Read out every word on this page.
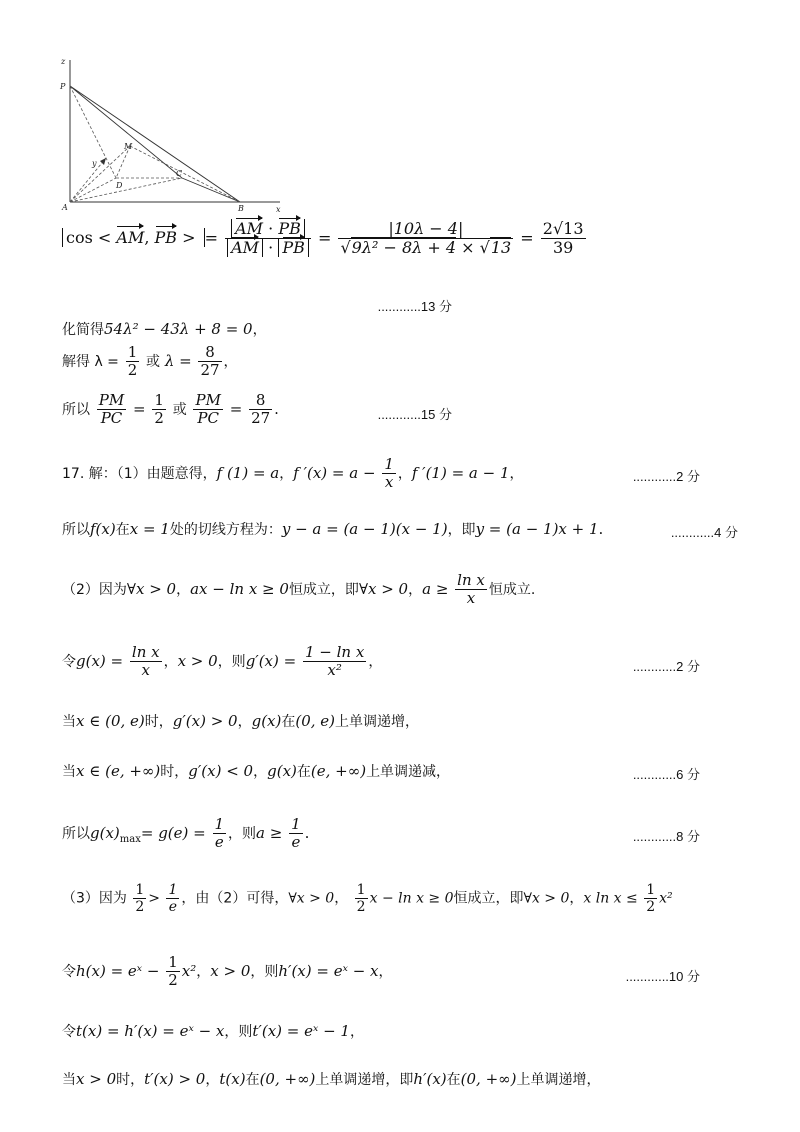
z
P
A	B	x
C
D
M
y
cos < AM, PB > = $\frac{AM \cdot PB}{AM \cdot PB} = \frac{|10\lambda - 4|}{\text{√9λ² − 8λ + 4 × √13}} = \frac{2√13}{39}$
............13 分
化简得54λ² − 43λ + 8 = 0，
解得 $\lambda = \frac{1}{2}$ 或 $\lambda = \frac{8}{27}$ ，
所以 $\frac{PM}{PC} = \frac{1}{2}$ 或 $\frac{PM}{PC} = \frac{8}{27}$ .	............15 分
17. 解：（1）由题意得，f (1) = a，f $'(x) = a - \frac{1}{x}$ ，f ′(1) = a − 1，	............2 分
所以f(x)在x = 1处的切线方程为：y − a = (a − 1)(x − 1)，即y = (a − 1)x + 1.	............4 分
（2）因为∀x > 0，ax − ln x ≥ 0恒成立，即∀x > 0，$a \ge \frac{\text{ln x}}{x}$ 恒成立.
令$g(x) = \frac{\text{ln x}}{x}$ ，x > 0，则$g'(x) = \frac{\text{1 − ln x}}{\text{x²}}$ ，	............2 分
当x ∈ (0, e)时，g′(x) > 0，g(x)在(0, e)上单调递增，
当x ∈ (e, +∞)时，g′(x) < 0，g(x)在(e, +∞)上单调递减，	............6 分
所以$g(x)_{max}= g(e) = \frac{1}{e}$ ，则$a \ge \frac{1}{e}$ .	............8 分
（3）因为 $\frac{1}{2} > \frac{1}{e}$ ，由（2）可得，∀x > 0， $\frac{1}{2}$ x − ln x ≥ 0恒成立，即∀x > 0，x $\ln x \le \frac{1}{2} x^2$
令h(x) = eˣ − $\frac{1}{2} x^2$，x > 0，则h′(x) = eˣ − x，	............10 分
令t(x) = h′(x) = eˣ − x，则t′(x) = eˣ − 1，
当x > 0时，t′(x) > 0，t(x)在(0, +∞)上单调递增，即h′(x)在(0, +∞)上单调递增，
